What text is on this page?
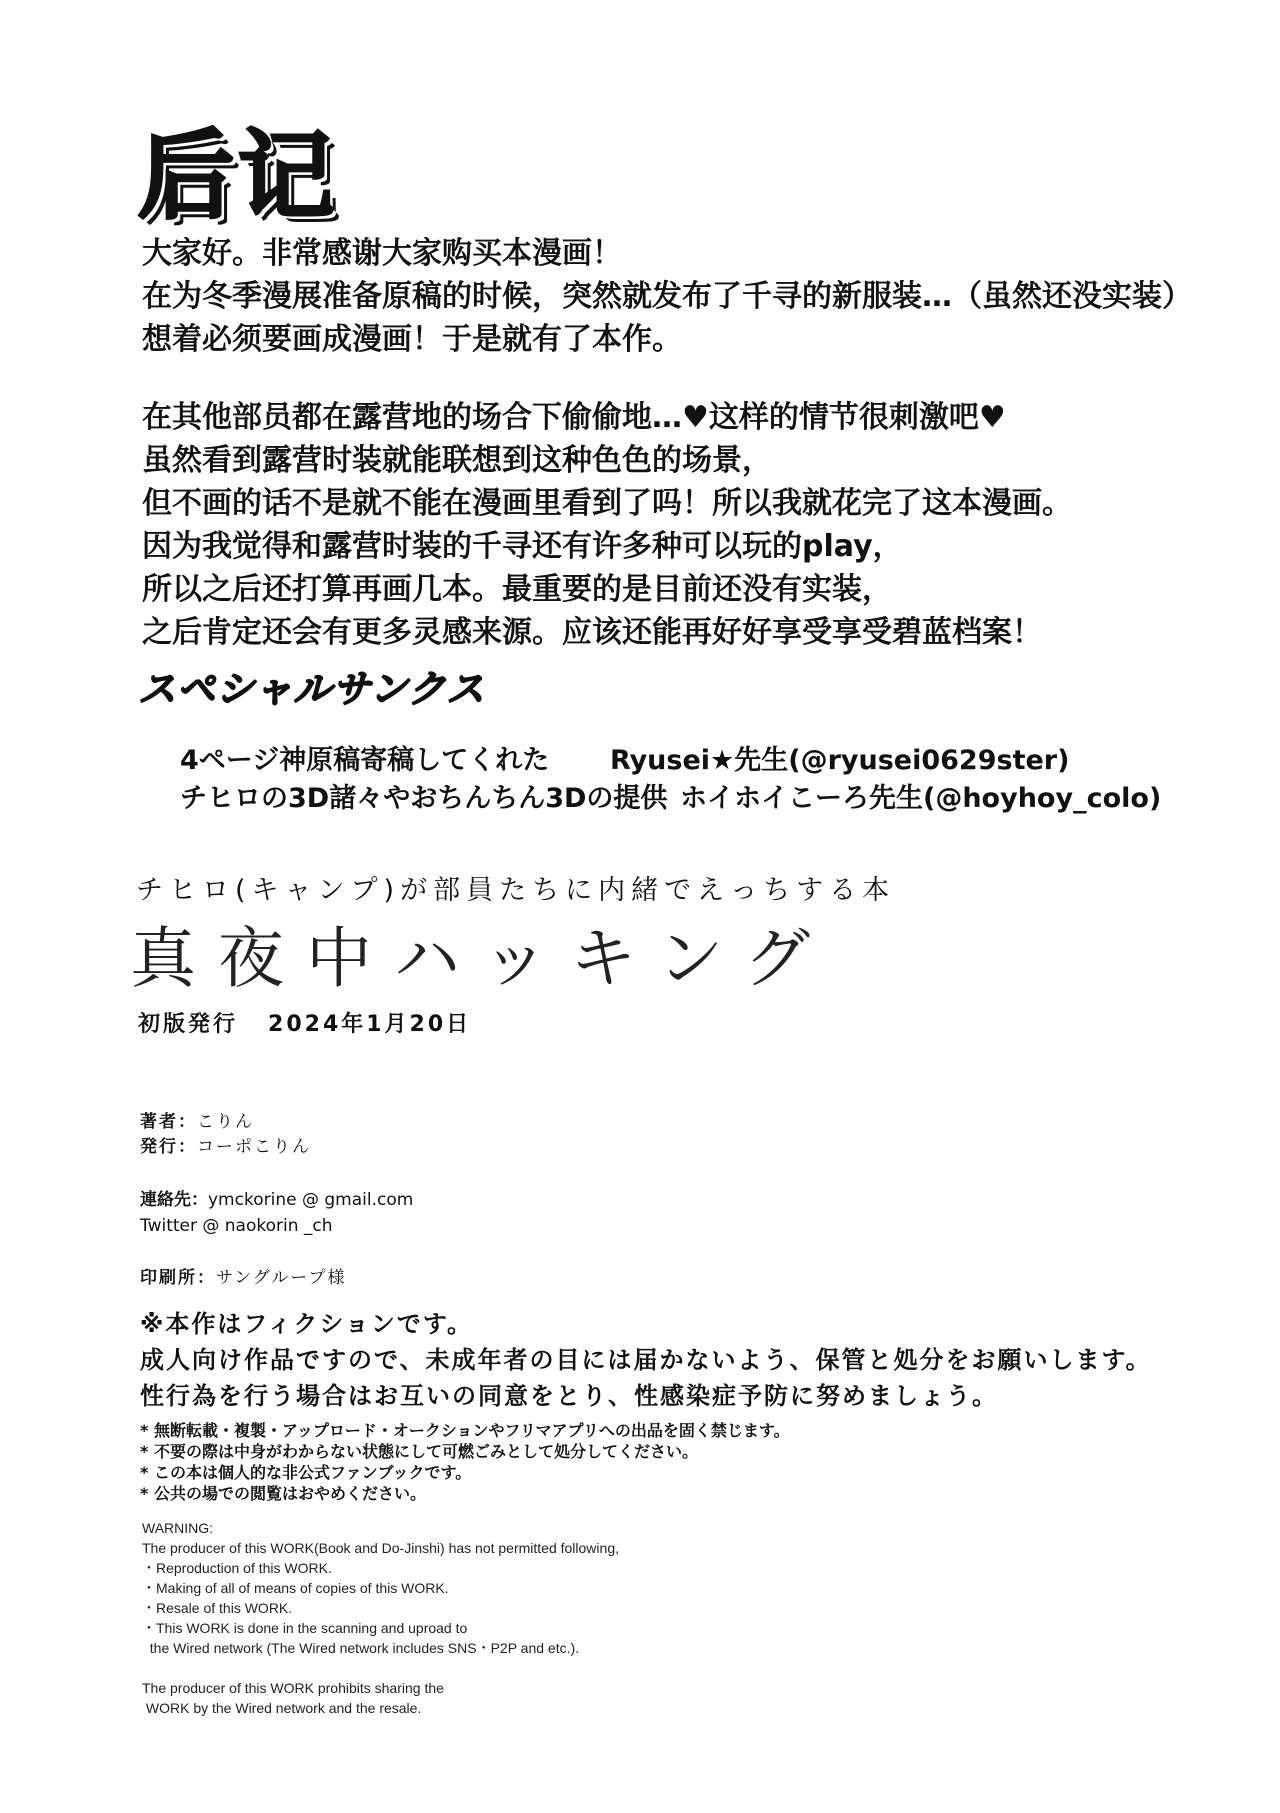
后记

大家好。非常感谢大家购买本漫画！

在为冬季漫展准备原稿的时候，突然就发布了千寻的新服装…（虽然还没实装）

想着必须要画成漫画！于是就有了本作。

在其他部员都在露营地的场合下偷偷地…♥这样的情节很刺激吧♥

虽然看到露营时装就能联想到这种色色的场景，

但不画的话不是就不能在漫画里看到了吗！所以我就花完了这本漫画。

因为我觉得和露营时装的千寻还有许多种可以玩的play，

所以之后还打算再画几本。最重要的是目前还没有实装，

之后肯定还会有更多灵感来源。应该还能再好好享受享受碧蓝档案！

スペシャルサンクス
4ページ神原稿寄稿してくれた	Ryusei★先生(@ryusei0629ster)
チヒロの3D諸々やおちんちん3Dの提供 ホイホイこーろ先生(@hoyhoy_colo)
チヒロ(キャンプ)が部員たちに内緒でえっちする本
真夜中ハッキング
初版発行 2024年1月20日
著者：こりん
発行：コーポこりん
連絡先：ymckorine @ gmail.com
Twitter @ naokorin _ch
印刷所：サングループ様

※本作はフィクションです。

成人向け作品ですので、未成年者の目には届かないよう、保管と処分をお願いします。

性行為を行う場合はお互いの同意をとり、性感染症予防に努めましょう。

* 無断転載・複製・アップロード・オークションやフリマアプリへの出品を固く禁じます。

* 不要の際は中身がわからない状態にして可燃ごみとして処分してください。

* この本は個人的な非公式ファンブックです。

* 公共の場での閲覧はおやめください。

WARNING:

The producer of this WORK(Book and Do-Jinshi) has not permitted following,

・Reproduction of this WORK.

・Making of all of means of copies of this WORK.

・Resale of this WORK.

・This WORK is done in the scanning and uproad to

the Wired network (The Wired network includes SNS・P2P and etc.).

The producer of this WORK prohibits sharing the

WORK by the Wired network and the resale.
